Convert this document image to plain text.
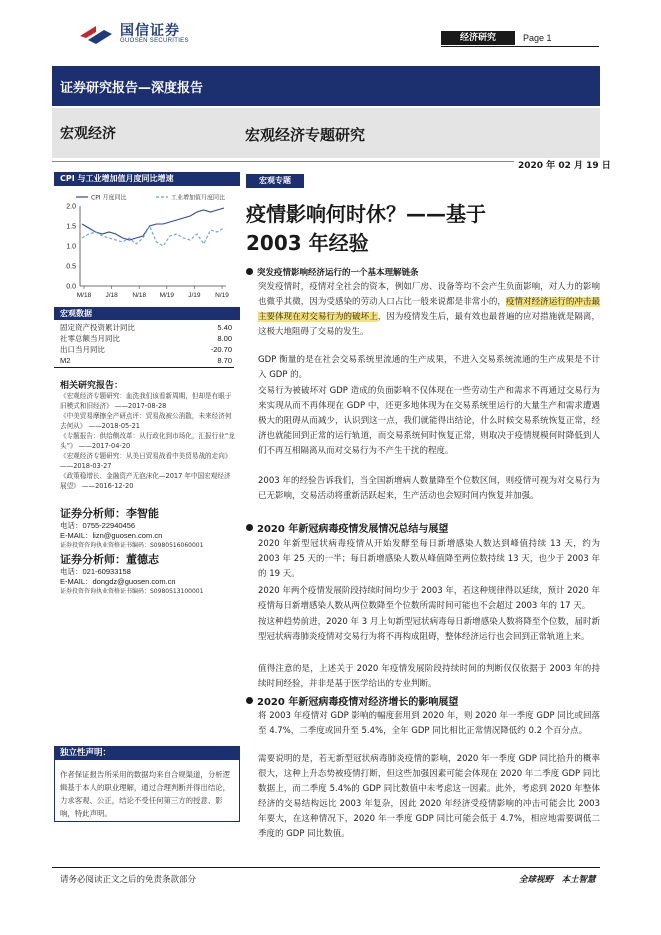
国信证券
GUOSEN SECURITIES	经济研究	Page 1
证券研究报告—深度报告
宏观经济	宏观经济专题研究
2020 年 02 月 19 日
CPI 与工业增加值月度同比增速
CPI 月度同比	工业增加值月度同比
2.0
1.5
1.0
0.5
0.0
M/18 J/18 N/18 M/19 J/19 N/19
宏观数据
固定资产投资累计同比	5.40
社零总额当月同比	8.00
出口当月同比	-20.70
M2	8.70
相关研究报告：
《宏观经济专题研究：血洗我们该看新周期，但却是有眼于旧模式和旧经济》 ——2017-08-28
《中美贸易摩擦全产研点评：贸易战被公消散，未来经济何去何从》 ——2018-05-21
《专题报告：供给侧改革：从行政化到市场化，汇报行业“龙头”》 ——2017-04-20
《宏观经济专题研究：从美日贸易战看中美贸易战的走向》 ——2018-03-27
《政策稳增长、金融资产无泡沫化—2017 年中国宏观经济展望》 ——2016-12-20
证券分析师：李智能
电话：0755-22940456
E-MAIL：lizn@guosen.com.cn
证券投资咨询执业资格证书编码：S0980516060001
证券分析师：董德志
电话：021-60933158
E-MAIL：dongdz@guosen.com.cn
证券投资咨询执业资格证书编码：S0980513100001
独立性声明：
作者保证报告所采用的数据均来自合规渠道，分析逻辑基于本人的职业理解，通过合理判断并得出结论，力求客观、公正，结论不受任何第三方的授意、影响，特此声明。
宏观专题
疫情影响何时休？——基于
2003 年经验
突发疫情影响经济运行的一个基本理解链条
突发疫情时，疫情对全社会的资本，例如厂房、设备等均不会产生负面影响，对人力的影响也微乎其微，因为受感染的劳动人口占比一般来说都是非常小的，疫情对经济运行的冲击最主要体现在对交易行为的破坏上，因为疫情发生后，最有效也最普遍的应对措施就是隔离，这极大地阻碍了交易的发生。
GDP 衡量的是在社会交易系统里流通的生产成果，不进入交易系统流通的生产成果是不计入 GDP 的。
交易行为被破坏对 GDP 造成的负面影响不仅体现在一些劳动生产和需求不再通过交易行为来实现从而不再体现在 GDP 中，还更多地体现为在交易系统里运行的大量生产和需求遭遇极大的阻碍从而减少，认识到这一点，我们就能得出结论，什么时候交易系统恢复正常，经济也就能回到正常的运行轨道，而交易系统何时恢复正常，则取决于疫情规模何时降低到人们不再互相隔离从而对交易行为不产生干扰的程度。
2003 年的经验告诉我们，当全国新增病人数量降至个位数区间，则疫情可视为对交易行为已无影响，交易活动将重新活跃起来，生产活动也会短时间内恢复并加强。
2020 年新冠病毒疫情发展情况总结与展望
2020 年新型冠状病毒疫情从开始发酵至每日新增感染人数达到峰值持续 13 天，约为 2003 年 25 天的一半；每日新增感染人数从峰值降至两位数持续 13 天，也少于 2003 年的 19 天。
2020 年两个疫情发展阶段持续时间均少于 2003 年，若这种规律得以延续，预计 2020 年疫情每日新增感染人数从两位数降至个位数所需时间可能也不会超过 2003 年的 17 天。
按这种趋势前进，2020 年 3 月上旬新型冠状病毒每日新增感染人数将降至个位数，届时新型冠状病毒肺炎疫情对交易行为将不再构成阻碍，整体经济运行也会回到正常轨道上来。
值得注意的是，上述关于 2020 年疫情发展阶段持续时间的判断仅仅依据于 2003 年的持续时间经验，并非是基于医学给出的专业判断。
2020 年新冠病毒疫情对经济增长的影响展望
将 2003 年疫情对 GDP 影响的幅度套用到 2020 年，则 2020 年一季度 GDP 同比或回落至 4.7%，二季度或回升至 5.4%，全年 GDP 同比相比正常情况降低约 0.2 个百分点。
需要说明的是，若无新型冠状病毒肺炎疫情的影响，2020 年一季度 GDP 同比拾升的概率很大，这种上升态势被疫情打断，但这些加强因素可能会体现在 2020 年二季度 GDP 同比数据上，而二季度 5.4%的 GDP 同比数值中未考虑这一因素。此外，考虑到 2020 年整体经济的交易结构远比 2003 年复杂，因此 2020 年经济受疫情影响的冲击可能会比 2003 年要大，在这种情况下，2020 年一季度 GDP 同比可能会低于 4.7%，相应地需要调低二季度的 GDP 同比数值。
请务必阅读正文之后的免责条款部分	全球视野　本土智慧
